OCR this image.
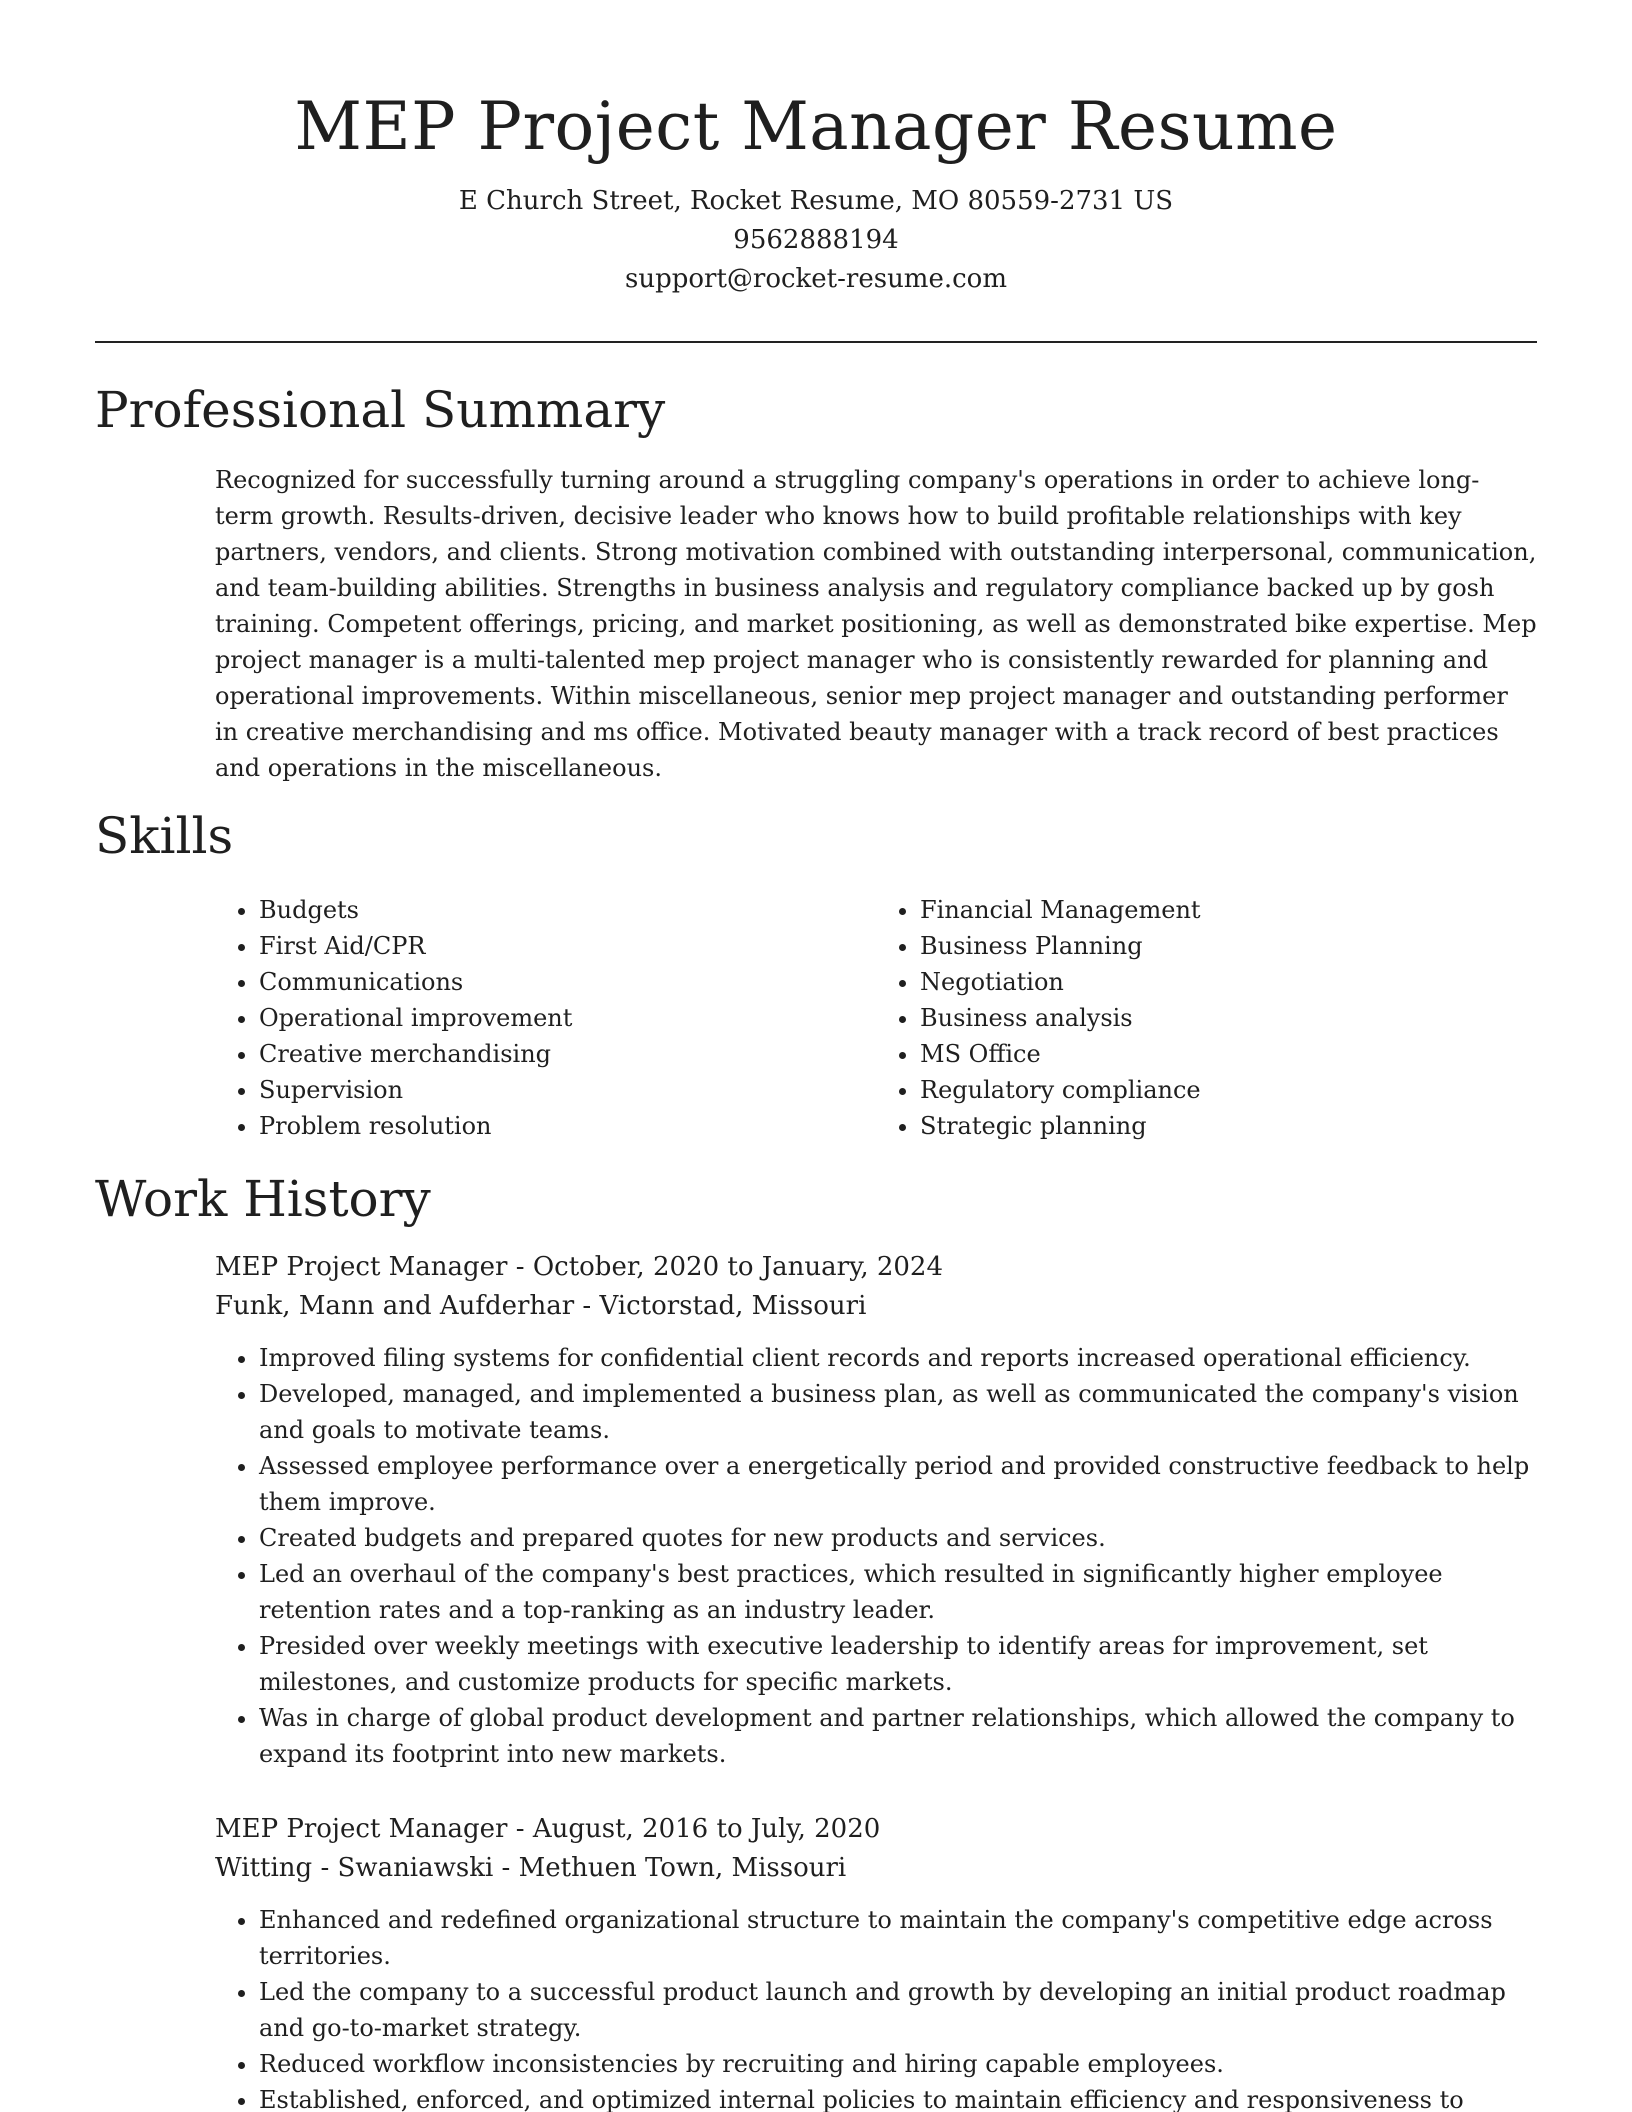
MEP Project Manager Resume
E Church Street, Rocket Resume, MO 80559-2731 US
9562888194
support@rocket-resume.com
Professional Summary

Recognized for successfully turning around a struggling company's operations in order to achieve long-term growth. Results-driven, decisive leader who knows how to build profitable relationships with key partners, vendors, and clients. Strong motivation combined with outstanding interpersonal, communication, and team-building abilities. Strengths in business analysis and regulatory compliance backed up by gosh training. Competent offerings, pricing, and market positioning, as well as demonstrated bike expertise. Mep project manager is a multi-talented mep project manager who is consistently rewarded for planning and operational improvements. Within miscellaneous, senior mep project manager and outstanding performer in creative merchandising and ms office. Motivated beauty manager with a track record of best practices and operations in the miscellaneous.

Skills
• Budgets
• First Aid/CPR
• Communications
• Operational improvement
• Creative merchandising
• Supervision
• Problem resolution
• Financial Management
• Business Planning
• Negotiation
• Business analysis
• MS Office
• Regulatory compliance
• Strategic planning
Work History
MEP Project Manager - October, 2020 to January, 2024
Funk, Mann and Aufderhar - Victorstad, Missouri
• Improved filing systems for confidential client records and reports increased operational efficiency.
• Developed, managed, and implemented a business plan, as well as communicated the company's vision and goals to motivate teams.
• Assessed employee performance over a energetically period and provided constructive feedback to help them improve.
• Created budgets and prepared quotes for new products and services.
• Led an overhaul of the company's best practices, which resulted in significantly higher employee retention rates and a top-ranking as an industry leader.
• Presided over weekly meetings with executive leadership to identify areas for improvement, set milestones, and customize products for specific markets.
• Was in charge of global product development and partner relationships, which allowed the company to expand its footprint into new markets.
MEP Project Manager - August, 2016 to July, 2020
Witting - Swaniawski - Methuen Town, Missouri
• Enhanced and redefined organizational structure to maintain the company's competitive edge across territories.
• Led the company to a successful product launch and growth by developing an initial product roadmap and go-to-market strategy.
• Reduced workflow inconsistencies by recruiting and hiring capable employees.
• Established, enforced, and optimized internal policies to maintain efficiency and responsiveness to
